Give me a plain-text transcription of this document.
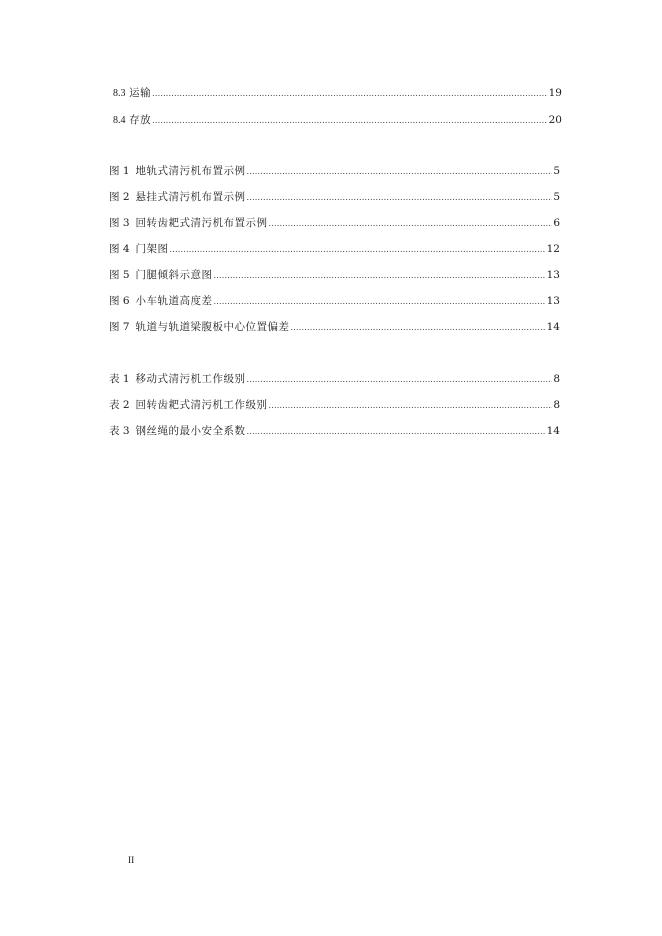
8.3 运输 .....	19
8.4 存放 .....	20
图 1 地轨式清污机布置示例 .....	5
图 2 悬挂式清污机布置示例 .....	5
图 3 回转齿耙式清污机布置示例 .....	6
图 4 门架图 .....	12
图 5 门腿倾斜示意图 .....	13
图 6 小车轨道高度差 .....	13
图 7 轨道与轨道梁腹板中心位置偏差 .....	14
表 1 移动式清污机工作级别 .....	8
表 2 回转齿耙式清污机工作级别 .....	8
表 3 钢丝绳的最小安全系数 .....	14
II
